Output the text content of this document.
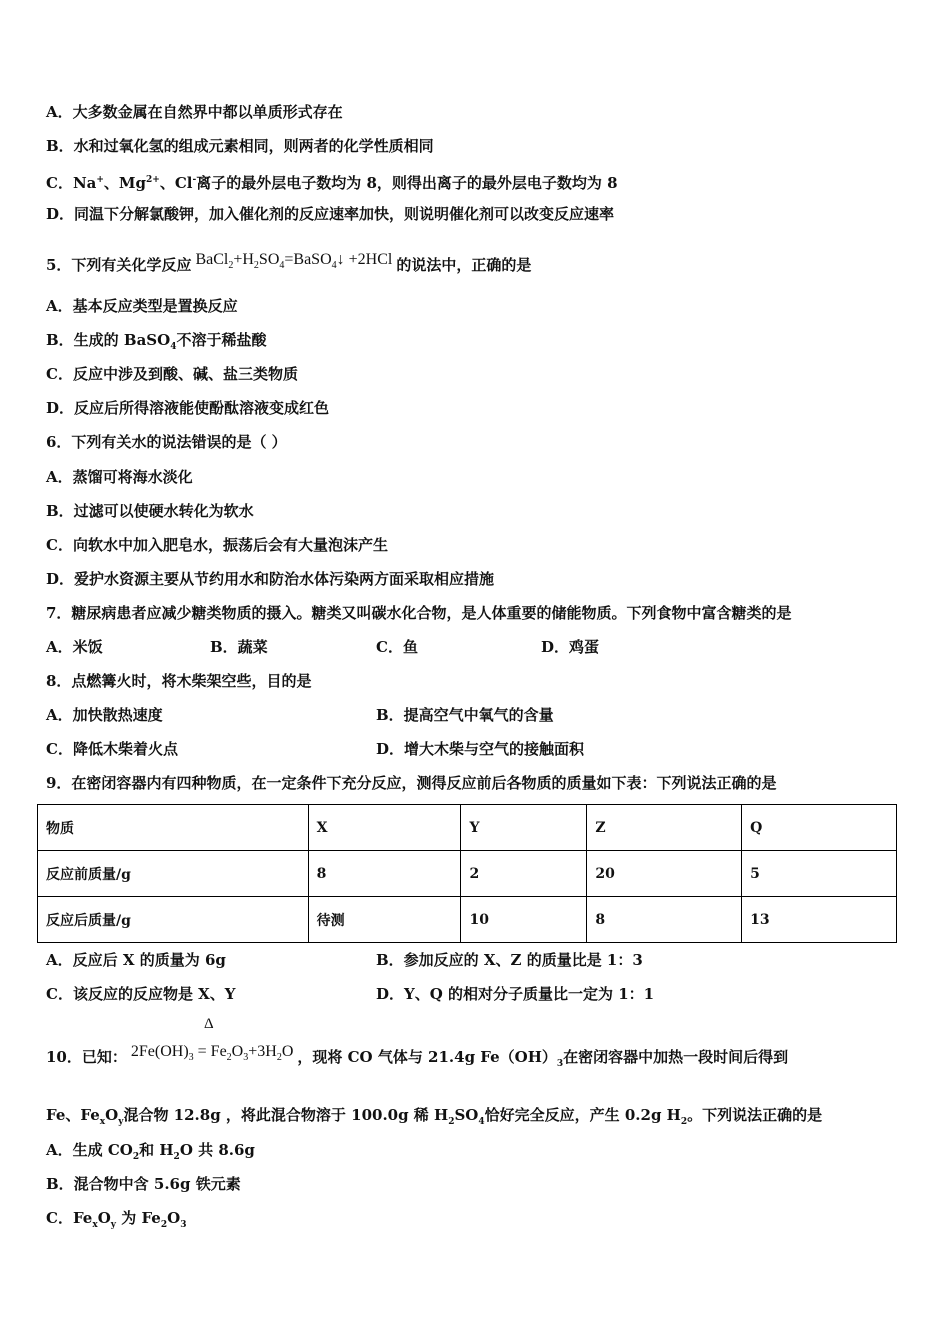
A．大多数金属在自然界中都以单质形式存在
B．水和过氧化氢的组成元素相同，则两者的化学性质相同
C．Na+、$Mg^{2+}$、Cl-离子的最外层电子数均为 8，则得出离子的最外层电子数均为 8
D．同温下分解氯酸钾，加入催化剂的反应速率加快，则说明催化剂可以改变反应速率
5．下列有关化学反应 $BaCl_2+H_2SO_4=BaSO_4↓ +2HCl$ 的说法中，正确的是
A．基本反应类型是置换反应
B．生成的 BaSO$_4$不溶于稀盐酸
C．反应中涉及到酸、碱、盐三类物质
D．反应后所得溶液能使酚酞溶液变成红色
6．下列有关水的说法错误的是（ ）
A．蒸馏可将海水淡化
B．过滤可以使硬水转化为软水
C．向软水中加入肥皂水，振荡后会有大量泡沫产生
D．爱护水资源主要从节约用水和防治水体污染两方面采取相应措施
7．糖尿病患者应减少糖类物质的摄入。糖类又叫碳水化合物，是人体重要的储能物质。下列食物中富含糖类的是
A．米饭	B．蔬菜	C．鱼	D．鸡蛋
8．点燃篝火时，将木柴架空些，目的是
A．加快散热速度	B．提高空气中氧气的含量
C．降低木柴着火点	D．增大木柴与空气的接触面积
9．在密闭容器内有四种物质，在一定条件下充分反应，测得反应前后各物质的质量如下表：下列说法正确的是
物质	X	Y	Z	Q
反应前质量/g	8	2	20	5
反应后质量/g	待测	10	8	13
A．反应后 X 的质量为 6g	B．参加反应的 X、Z 的质量比是 1：3
C．该反应的反应物是 X、Y	D．Y、Q 的相对分子质量比一定为 1：1
Δ
10．已知： $2Fe(OH)_3 = Fe_2O_3+3H_2O$ ，现将 CO 气体与 21.4g $Fe(OH)_3$在密闭容器中加热一段时间后得到
Fe、$Fe_xO_y$混合物 12.8g ，将此混合物溶于 100.0g 稀 $H_2SO_4$恰好完全反应，产生 0.2g $H_2$。下列说法正确的是
A．生成 $CO_2$和 $H_2O$ 共 8.6g
B．混合物中含 5.6g 铁元素
C．$Fe_xO_y$ 为 $Fe_2O_3$
